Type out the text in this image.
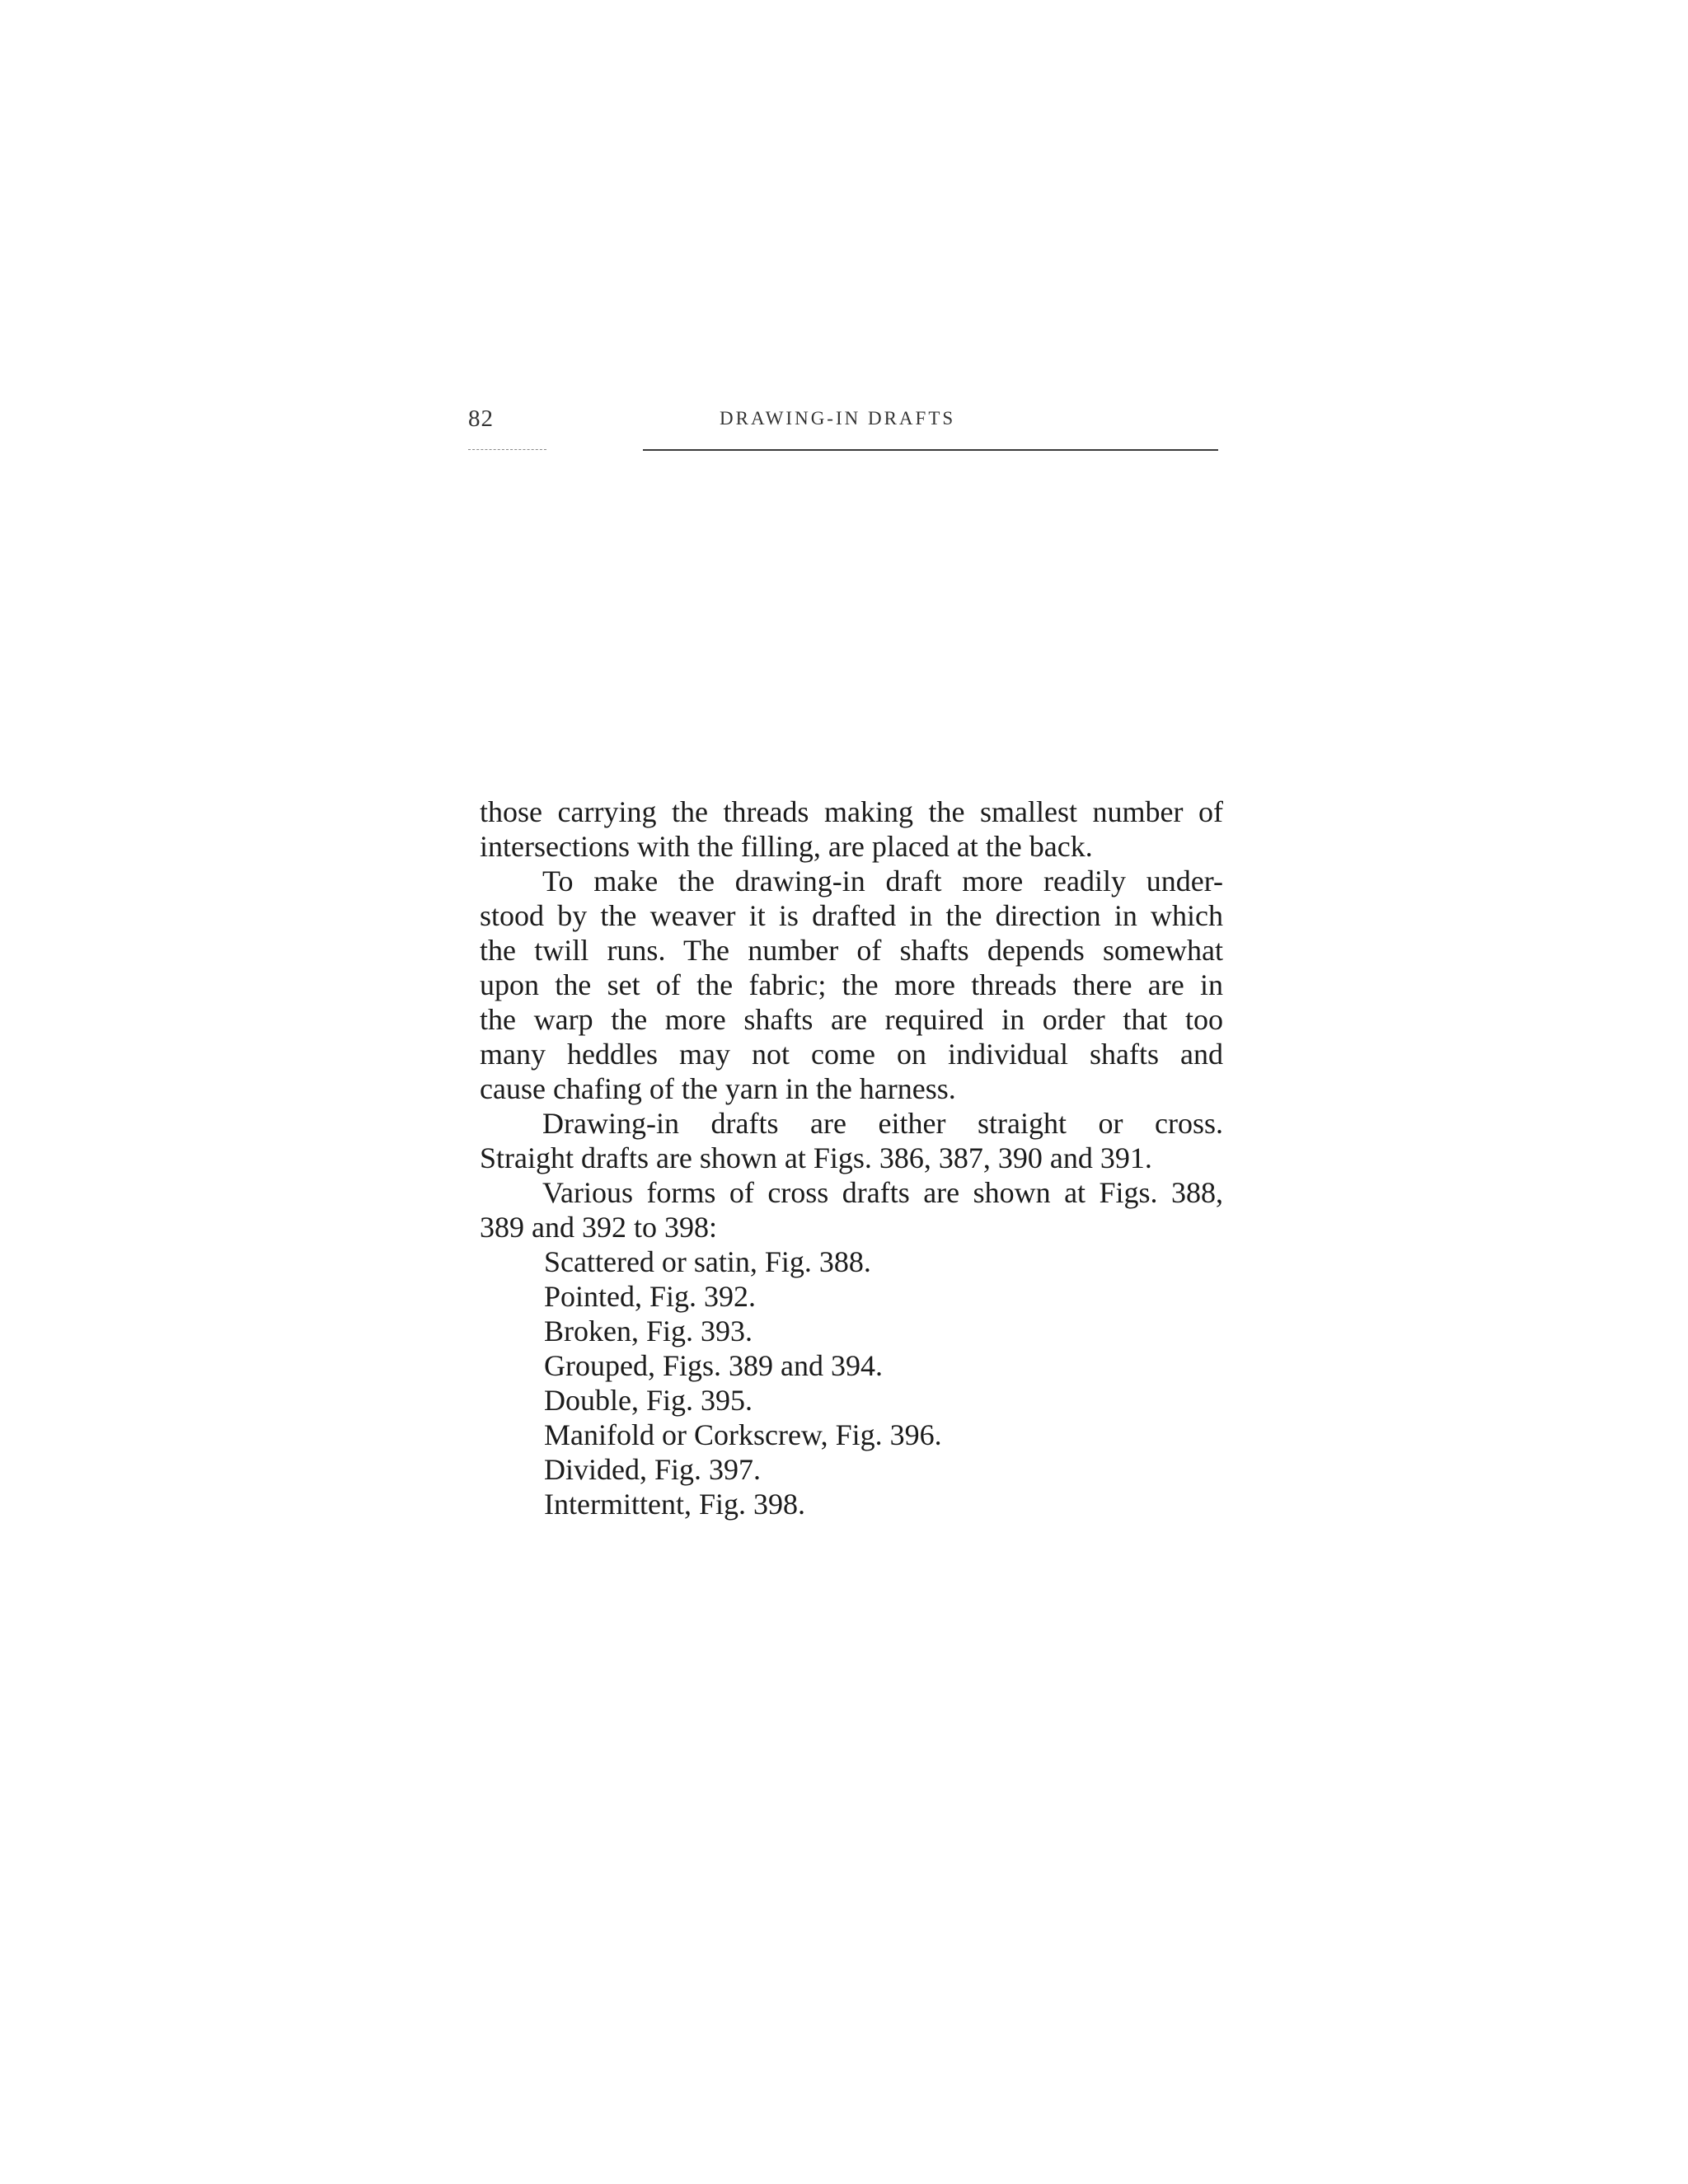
82	DRAWING-IN DRAFTS

those carrying the threads making the smallest number of

intersections with the filling, are placed at the back.

To make the drawing-in draft more readily under-

stood by the weaver it is drafted in the direction in which

the twill runs. The number of shafts depends somewhat

upon the set of the fabric; the more threads there are in

the warp the more shafts are required in order that too

many heddles may not come on individual shafts and

cause chafing of the yarn in the harness.

Drawing-in drafts are either straight or cross.

Straight drafts are shown at Figs. 386, 387, 390 and 391.

Various forms of cross drafts are shown at Figs. 388,

389 and 392 to 398:

Scattered or satin, Fig. 388.
Pointed, Fig. 392.
Broken, Fig. 393.
Grouped, Figs. 389 and 394.
Double, Fig. 395.
Manifold or Corkscrew, Fig. 396.
Divided, Fig. 397.
Intermittent, Fig. 398.
